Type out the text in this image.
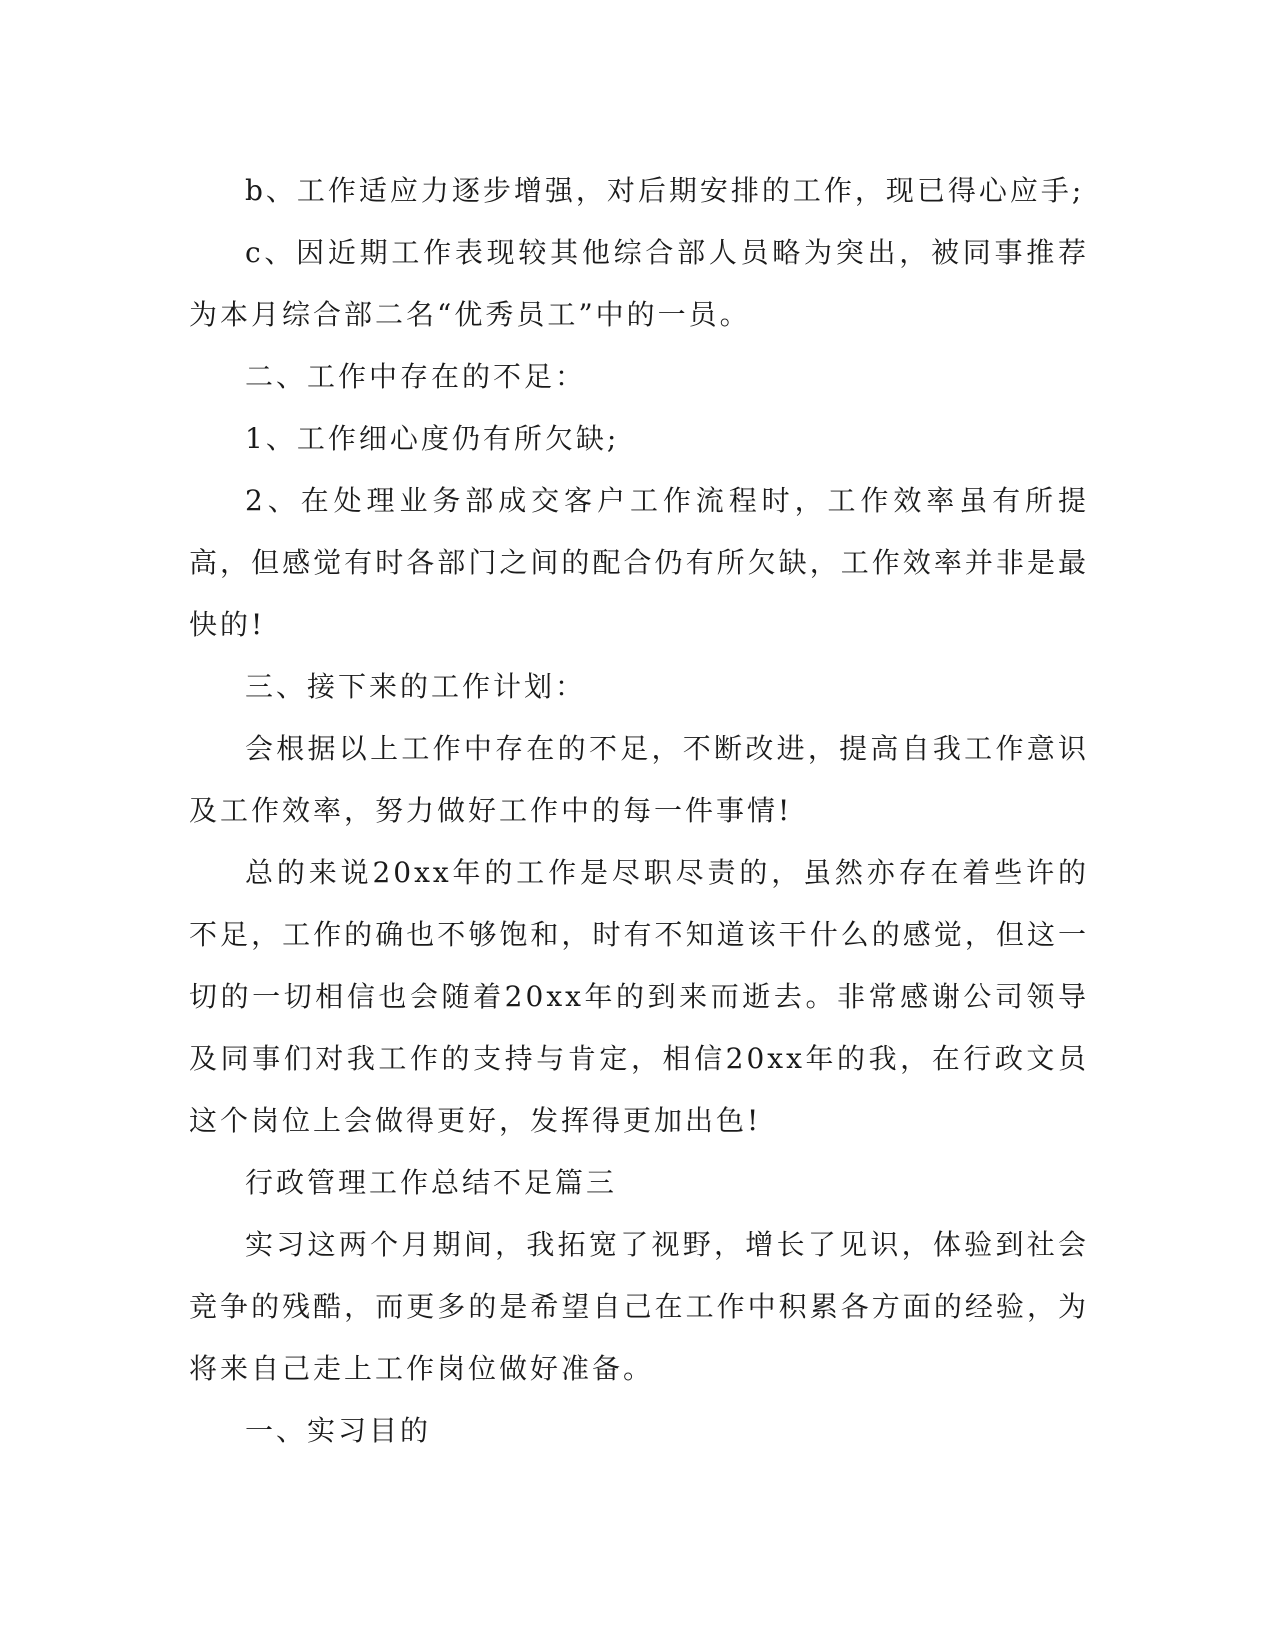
b、工作适应力逐步增强，对后期安排的工作，现已得心应手;

c、因近期工作表现较其他综合部人员略为突出，被同事推荐为本月综合部二名“优秀员工”中的一员。

二、工作中存在的不足：

1、工作细心度仍有所欠缺;

2、在处理业务部成交客户工作流程时，工作效率虽有所提高，但感觉有时各部门之间的配合仍有所欠缺，工作效率并非是最快的!

三、接下来的工作计划：

会根据以上工作中存在的不足，不断改进，提高自我工作意识及工作效率，努力做好工作中的每一件事情!

总的来说20xx年的工作是尽职尽责的，虽然亦存在着些许的不足，工作的确也不够饱和，时有不知道该干什么的感觉，但这一切的一切相信也会随着20xx年的到来而逝去。非常感谢公司领导及同事们对我工作的支持与肯定，相信20xx年的我，在行政文员这个岗位上会做得更好，发挥得更加出色!

行政管理工作总结不足篇三

实习这两个月期间，我拓宽了视野，增长了见识，体验到社会竞争的残酷，而更多的是希望自己在工作中积累各方面的经验，为将来自己走上工作岗位做好准备。

一、实习目的
